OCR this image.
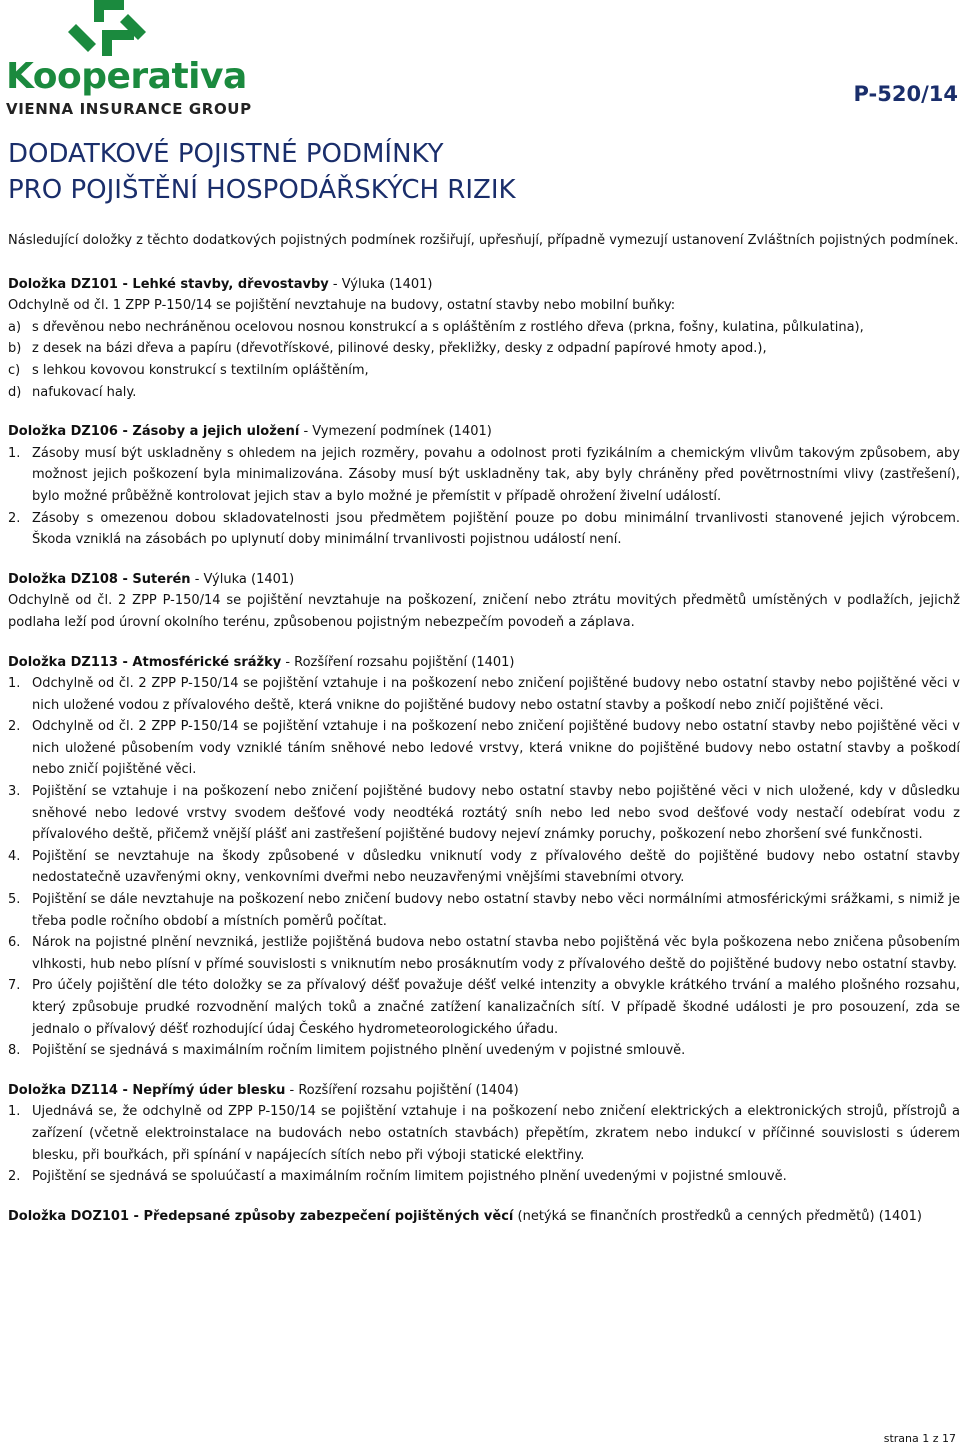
Kooperativa
VIENNA INSURANCE GROUP
P-520/14
DODATKOVÉ POJISTNÉ PODMÍNKY
PRO POJIŠTĚNÍ HOSPODÁŘSKÝCH RIZIK

Následující doložky z těchto dodatkových pojistných podmínek rozšiřují, upřesňují, případně vymezují ustanovení Zvláštních pojistných podmínek.

Doložka DZ101 - Lehké stavby, dřevostavby - Výluka (1401)

Odchylně od čl. 1 ZPP P-150/14 se pojištění nevztahuje na budovy, ostatní stavby nebo mobilní buňky:

a) s dřevěnou nebo nechráněnou ocelovou nosnou konstrukcí a s opláštěním z rostlého dřeva (prkna, fošny, kulatina, půlkulatina),
b) z desek na bázi dřeva a papíru (dřevotřískové, pilinové desky, překližky, desky z odpadní papírové hmoty apod.),
c) s lehkou kovovou konstrukcí s textilním opláštěním,
d) nafukovací haly.

Doložka DZ106 - Zásoby a jejich uložení - Vymezení podmínek (1401)

1. Zásoby musí být uskladněny s ohledem na jejich rozměry, povahu a odolnost proti fyzikálním a chemickým vlivům takovým způsobem, aby možnost jejich poškození byla minimalizována. Zásoby musí být uskladněny tak, aby byly chráněny před povětrnostními vlivy (zastřešení), bylo možné průběžně kontrolovat jejich stav a bylo možné je přemístit v případě ohrožení živelní událostí.
2. Zásoby s omezenou dobou skladovatelnosti jsou předmětem pojištění pouze po dobu minimální trvanlivosti stanovené jejich výrobcem. Škoda vzniklá na zásobách po uplynutí doby minimální trvanlivosti pojistnou událostí není.

Doložka DZ108 - Suterén - Výluka (1401)

Odchylně od čl. 2 ZPP P-150/14 se pojištění nevztahuje na poškození, zničení nebo ztrátu movitých předmětů umístěných v podlažích, jejichž podlaha leží pod úrovní okolního terénu, způsobenou pojistným nebezpečím povodeň a záplava.

Doložka DZ113 - Atmosférické srážky - Rozšíření rozsahu pojištění (1401)

1. Odchylně od čl. 2 ZPP P-150/14 se pojištění vztahuje i na poškození nebo zničení pojištěné budovy nebo ostatní stavby nebo pojištěné věci v nich uložené vodou z přívalového deště, která vnikne do pojištěné budovy nebo ostatní stavby a poškodí nebo zničí pojištěné věci.
2. Odchylně od čl. 2 ZPP P-150/14 se pojištění vztahuje i na poškození nebo zničení pojištěné budovy nebo ostatní stavby nebo pojištěné věci v nich uložené působením vody vzniklé táním sněhové nebo ledové vrstvy, která vnikne do pojištěné budovy nebo ostatní stavby a poškodí nebo zničí pojištěné věci.
3. Pojištění se vztahuje i na poškození nebo zničení pojištěné budovy nebo ostatní stavby nebo pojištěné věci v nich uložené, kdy v důsledku sněhové nebo ledové vrstvy svodem dešťové vody neodtéká roztátý sníh nebo led nebo svod dešťové vody nestačí odebírat vodu z přívalového deště, přičemž vnější plášť ani zastřešení pojištěné budovy nejeví známky poruchy, poškození nebo zhoršení své funkčnosti.
4. Pojištění se nevztahuje na škody způsobené v důsledku vniknutí vody z přívalového deště do pojištěné budovy nebo ostatní stavby nedostatečně uzavřenými okny, venkovními dveřmi nebo neuzavřenými vnějšími stavebními otvory.
5. Pojištění se dále nevztahuje na poškození nebo zničení budovy nebo ostatní stavby nebo věci normálními atmosférickými srážkami, s nimiž je třeba podle ročního období a místních poměrů počítat.
6. Nárok na pojistné plnění nevzniká, jestliže pojištěná budova nebo ostatní stavba nebo pojištěná věc byla poškozena nebo zničena působením vlhkosti, hub nebo plísní v přímé souvislosti s vniknutím nebo prosáknutím vody z přívalového deště do pojištěné budovy nebo ostatní stavby.
7. Pro účely pojištění dle této doložky se za přívalový déšť považuje déšť velké intenzity a obvykle krátkého trvání a malého plošného rozsahu, který způsobuje prudké rozvodnění malých toků a značné zatížení kanalizačních sítí. V případě škodné události je pro posouzení, zda se jednalo o přívalový déšť rozhodující údaj Českého hydrometeorologického úřadu.
8. Pojištění se sjednává s maximálním ročním limitem pojistného plnění uvedeným v pojistné smlouvě.

Doložka DZ114 - Nepřímý úder blesku - Rozšíření rozsahu pojištění (1404)

1. Ujednává se, že odchylně od ZPP P-150/14 se pojištění vztahuje i na poškození nebo zničení elektrických a elektronických strojů, přístrojů a zařízení (včetně elektroinstalace na budovách nebo ostatních stavbách) přepětím, zkratem nebo indukcí v příčinné souvislosti s úderem blesku, při bouřkách, při spínání v napájecích sítích nebo při výboji statické elektřiny.
2. Pojištění se sjednává se spoluúčastí a maximálním ročním limitem pojistného plnění uvedenými v pojistné smlouvě.

Doložka DOZ101 - Předepsané způsoby zabezpečení pojištěných věcí (netýká se finančních prostředků a cenných předmětů) (1401)

strana 1 z 17
